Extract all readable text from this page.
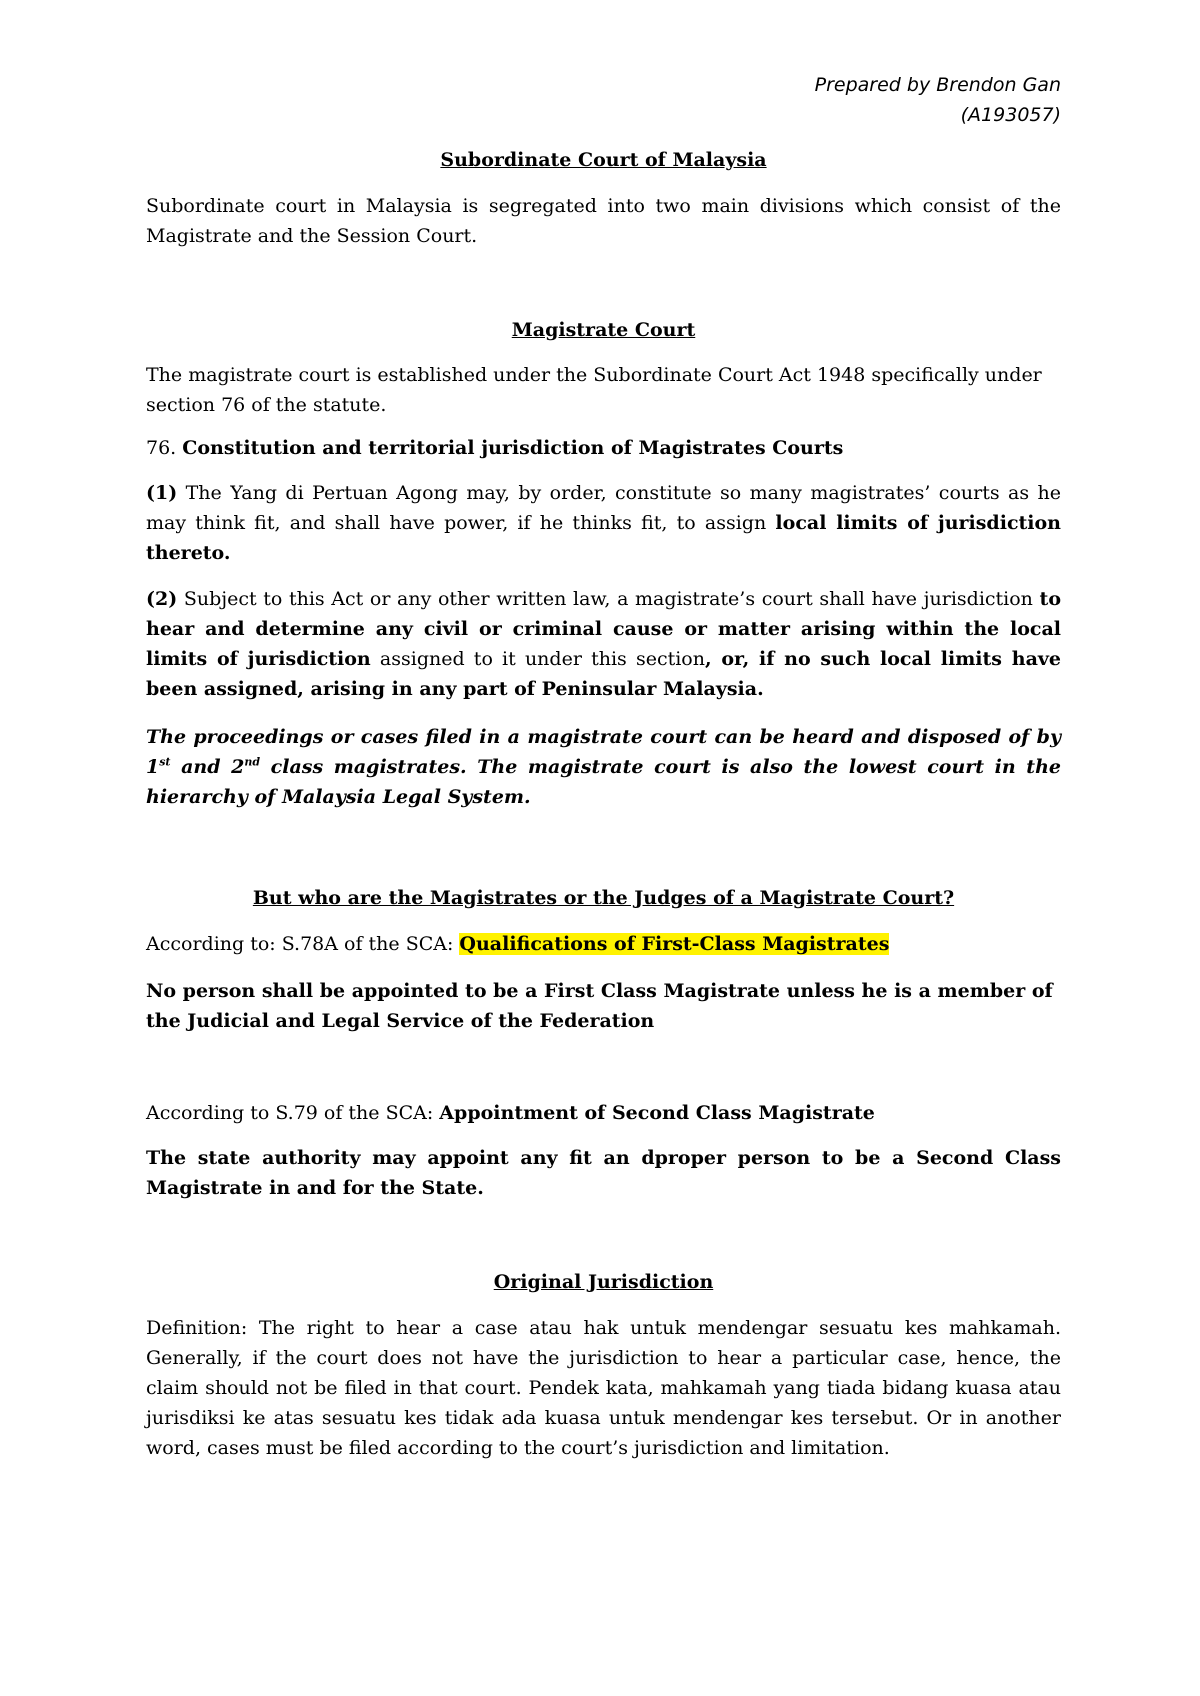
Prepared by Brendon Gan
(A193057)
Subordinate Court of Malaysia

Subordinate court in Malaysia is segregated into two main divisions which consist of the Magistrate and the Session Court.

Magistrate Court

The magistrate court is established under the Subordinate Court Act 1948 specifically under section 76 of the statute.

76. Constitution and territorial jurisdiction of Magistrates Courts

(1) The Yang di Pertuan Agong may, by order, constitute so many magistrates’ courts as he may think fit, and shall have power, if he thinks fit, to assign local limits of jurisdiction thereto.

(2) Subject to this Act or any other written law, a magistrate’s court shall have jurisdiction to hear and determine any civil or criminal cause or matter arising within the local limits of jurisdiction assigned to it under this section, or, if no such local limits have been assigned, arising in any part of Peninsular Malaysia.

The proceedings or cases filed in a magistrate court can be heard and disposed of by 1st and 2nd class magistrates. The magistrate court is also the lowest court in the hierarchy of Malaysia Legal System.

But who are the Magistrates or the Judges of a Magistrate Court?

According to: S.78A of the SCA: Qualifications of First-Class Magistrates

No person shall be appointed to be a First Class Magistrate unless he is a member of the Judicial and Legal Service of the Federation

According to S.79 of the SCA: Appointment of Second Class Magistrate

The state authority may appoint any fit an dproper person to be a Second Class Magistrate in and for the State.

Original Jurisdiction

Definition: The right to hear a case atau hak untuk mendengar sesuatu kes mahkamah. Generally, if the court does not have the jurisdiction to hear a particular case, hence, the claim should not be filed in that court. Pendek kata, mahkamah yang tiada bidang kuasa atau jurisdiksi ke atas sesuatu kes tidak ada kuasa untuk mendengar kes tersebut. Or in another word, cases must be filed according to the court’s jurisdiction and limitation.
